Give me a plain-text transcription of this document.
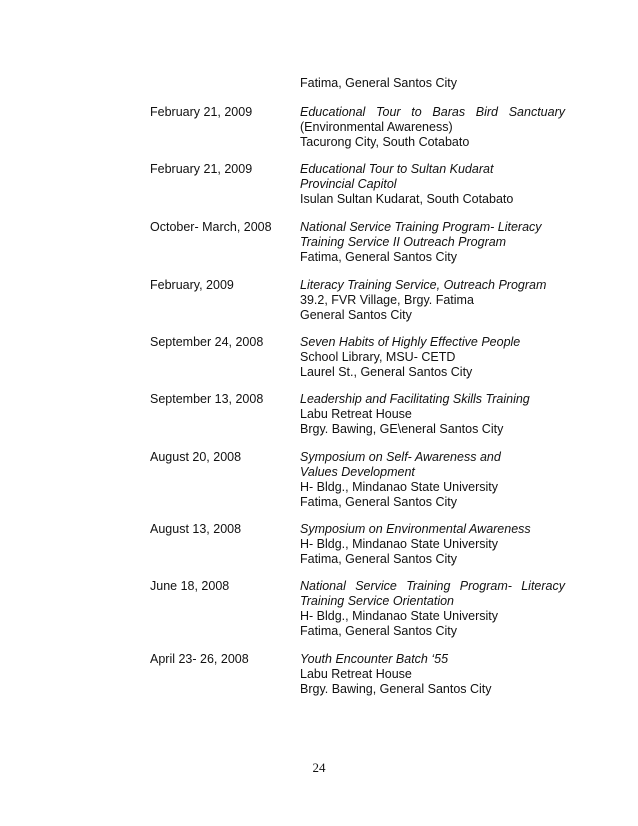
Fatima, General Santos City
February 21, 2009	Educational Tour to Baras Bird Sanctuary
(Environmental Awareness)
Tacurong City, South Cotabato
February 21, 2009	Educational Tour to Sultan Kudarat
Provincial Capitol
Isulan Sultan Kudarat, South Cotabato
October- March, 2008	National Service Training Program- Literacy
Training Service II Outreach Program
Fatima, General Santos City
February, 2009	Literacy Training Service, Outreach Program
39.2, FVR Village, Brgy. Fatima
General Santos City
September 24, 2008	Seven Habits of Highly Effective People
School Library, MSU- CETD
Laurel St., General Santos City
September 13, 2008	Leadership and Facilitating Skills Training
Labu Retreat House
Brgy. Bawing, GE\eneral Santos City
August 20, 2008	Symposium on Self- Awareness and
Values Development
H- Bldg., Mindanao State University
Fatima, General Santos City
August 13, 2008	Symposium on Environmental Awareness
H- Bldg., Mindanao State University
Fatima, General Santos City
June 18, 2008	National Service Training Program- Literacy
Training Service Orientation
H- Bldg., Mindanao State University
Fatima, General Santos City
April 23- 26, 2008	Youth Encounter Batch ‘55
Labu Retreat House
Brgy. Bawing, General Santos City
24
